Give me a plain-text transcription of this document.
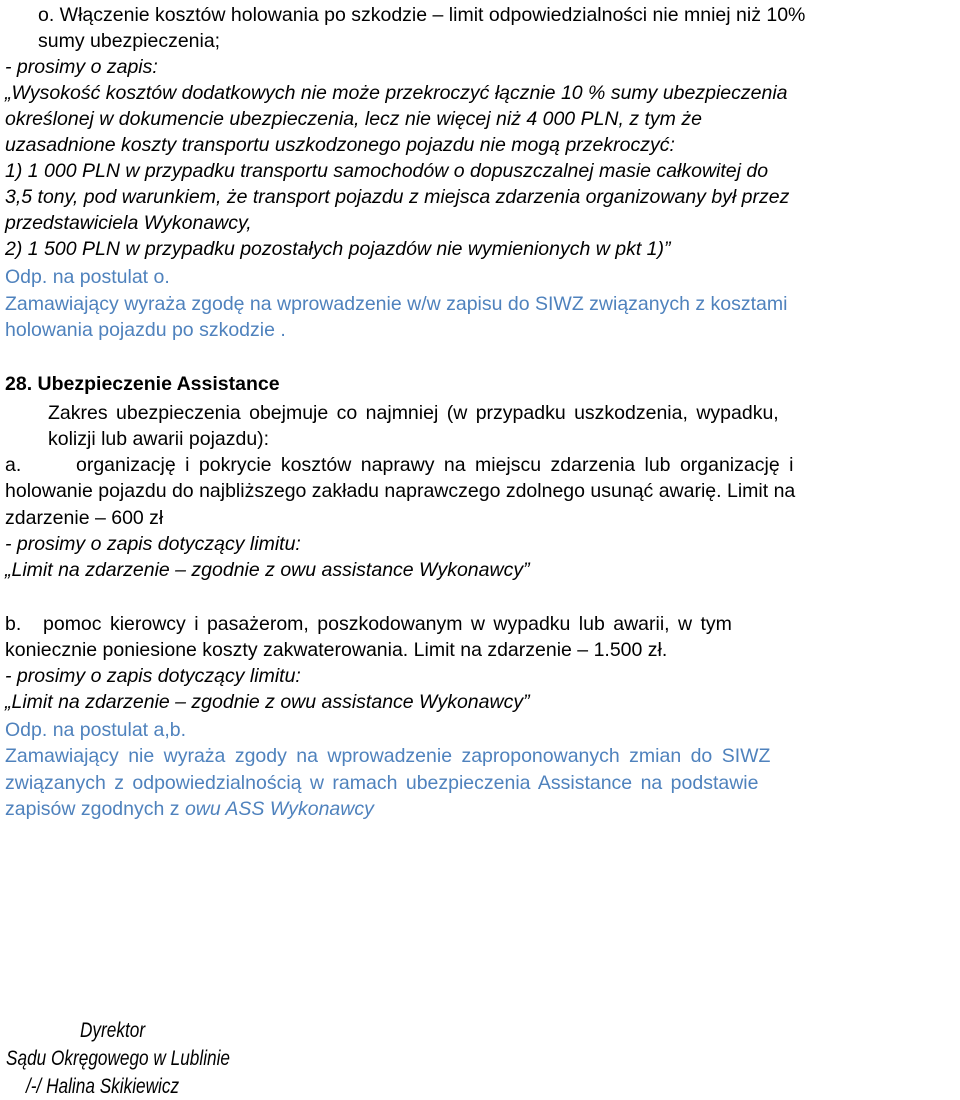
o. Włączenie kosztów holowania po szkodzie – limit odpowiedzialności nie mniej niż 10%
sumy ubezpieczenia;
- prosimy o zapis:
„Wysokość kosztów dodatkowych nie może przekroczyć łącznie 10 % sumy ubezpieczenia
określonej w dokumencie ubezpieczenia, lecz nie więcej niż 4 000 PLN, z tym że
uzasadnione koszty transportu uszkodzonego pojazdu nie mogą przekroczyć:
1) 1 000 PLN w przypadku transportu samochodów o dopuszczalnej masie całkowitej do
3,5 tony, pod warunkiem, że transport pojazdu z miejsca zdarzenia organizowany był przez
przedstawiciela Wykonawcy,
2) 1 500 PLN w przypadku pozostałych pojazdów nie wymienionych w pkt 1)”
Odp. na postulat o.
Zamawiający wyraża zgodę na wprowadzenie w/w zapisu do SIWZ związanych z kosztami
holowania pojazdu po szkodzie .
28. Ubezpieczenie Assistance
Zakres ubezpieczenia obejmuje co najmniej (w przypadku uszkodzenia, wypadku,
kolizji lub awarii pojazdu):
a.	organizację i pokrycie kosztów naprawy na miejscu zdarzenia lub organizację i
holowanie pojazdu do najbliższego zakładu naprawczego zdolnego usunąć awarię. Limit na
zdarzenie – 600 zł
- prosimy o zapis dotyczący limitu:
„Limit na zdarzenie – zgodnie z owu assistance Wykonawcy”
b. pomoc kierowcy i pasażerom, poszkodowanym w wypadku lub awarii, w tym
koniecznie poniesione koszty zakwaterowania. Limit na zdarzenie – 1.500 zł.
- prosimy o zapis dotyczący limitu:
„Limit na zdarzenie – zgodnie z owu assistance Wykonawcy”
Odp. na postulat a,b.
Zamawiający nie wyraża zgody na wprowadzenie zaproponowanych zmian do SIWZ
związanych z odpowiedzialnością w ramach ubezpieczenia Assistance na podstawie
zapisów zgodnych z owu ASS Wykonawcy
Dyrektor
Sądu Okręgowego w Lublinie
/-/ Halina Skikiewicz
